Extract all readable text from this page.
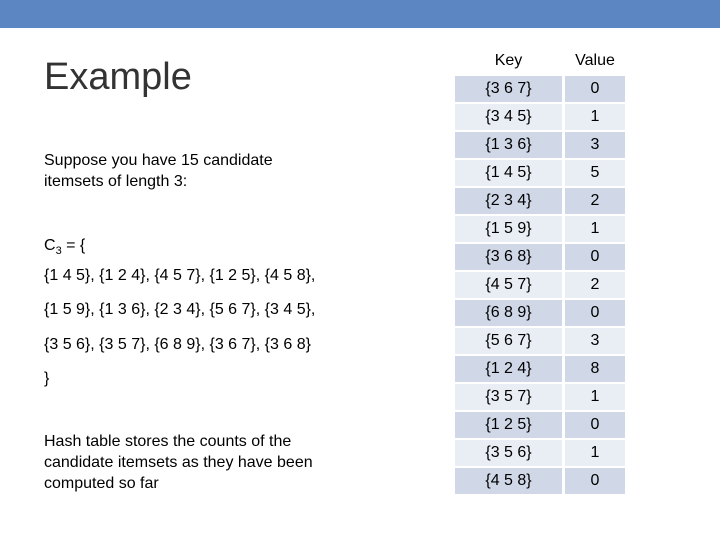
Example
Suppose you have 15 candidate itemsets of length 3:
$C_3$ = {
{1 4 5}, {1 2 4}, {4 5 7}, {1 2 5}, {4 5 8},
{1 5 9}, {1 3 6}, {2 3 4}, {5 6 7}, {3 4 5},
{3 5 6}, {3 5 7}, {6 8 9}, {3 6 7}, {3 6 8}
}
Hash table stores the counts of the candidate itemsets as they have been computed so far
Key		Value
{3 6 7}		0
{3 4 5}		1
{1 3 6}		3
{1 4 5}		5
{2 3 4}		2
{1 5 9}		1
{3 6 8}		0
{4 5 7}		2
{6 8 9}		0
{5 6 7}		3
{1 2 4}		8
{3 5 7}		1
{1 2 5}		0
{3 5 6}		1
{4 5 8}		0
